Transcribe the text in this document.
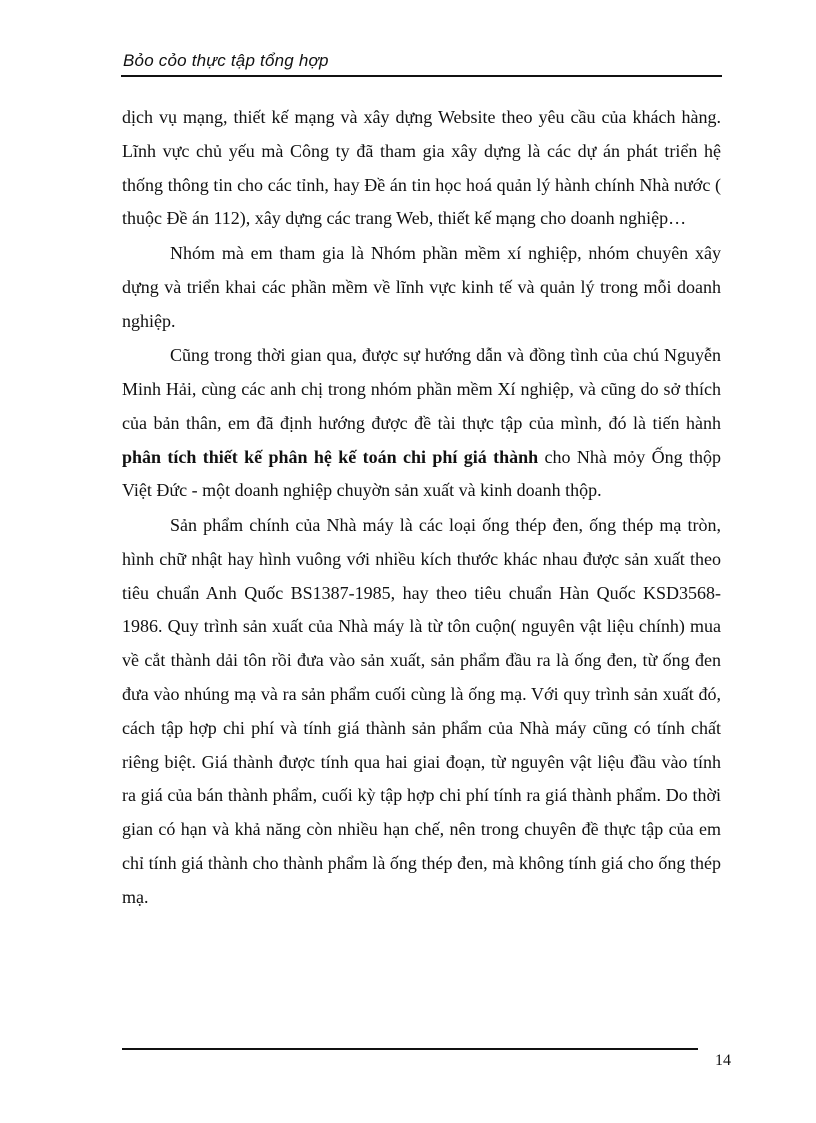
Bỏo cỏo thực tập tổng hợp

dịch vụ mạng, thiết kế mạng và xây dựng Website theo yêu cầu của khách hàng. Lĩnh vực chủ yếu mà Công ty đã tham gia xây dựng là các dự án phát triển hệ thống thông tin cho các tỉnh, hay Đề án tin học hoá quản lý hành chính Nhà nước ( thuộc Đề án 112), xây dựng các trang Web, thiết kế mạng cho doanh nghiệp…

Nhóm mà em tham gia là Nhóm phần mềm xí nghiệp, nhóm chuyên xây dựng và triển khai các phần mềm về lĩnh vực kinh tế và quản lý trong mỗi doanh nghiệp.

Cũng trong thời gian qua, được sự hướng dẫn và đồng tình của chú Nguyễn Minh Hải, cùng các anh chị trong nhóm phần mềm Xí nghiệp, và cũng do sở thích của bản thân, em đã định hướng được đề tài thực tập của mình, đó là tiến hành phân tích thiết kế phân hệ kế toán chi phí giá thành cho Nhà mỏy Ống thộp Việt Đức - một doanh nghiệp chuyờn sản xuất và kinh doanh thộp.

Sản phẩm chính của Nhà máy là các loại ống thép đen, ống thép mạ tròn, hình chữ nhật hay hình vuông với nhiều kích thước khác nhau được sản xuất theo tiêu chuẩn Anh Quốc BS1387-1985, hay theo tiêu chuẩn Hàn Quốc KSD3568-1986. Quy trình sản xuất của Nhà máy là từ tôn cuộn( nguyên vật liệu chính) mua về cắt thành dải tôn rồi đưa vào sản xuất, sản phẩm đầu ra là ống đen, từ ống đen đưa vào nhúng mạ và ra sản phẩm cuối cùng là ống mạ. Với quy trình sản xuất đó, cách tập hợp chi phí và tính giá thành sản phẩm của Nhà máy cũng có tính chất riêng biệt. Giá thành được tính qua hai giai đoạn, từ nguyên vật liệu đầu vào tính ra giá của bán thành phẩm, cuối kỳ tập hợp chi phí tính ra giá thành phẩm. Do thời gian có hạn và khả năng còn nhiều hạn chế, nên trong chuyên đề thực tập của em chỉ tính giá thành cho thành phẩm là ống thép đen, mà không tính giá cho ống thép mạ.

14
